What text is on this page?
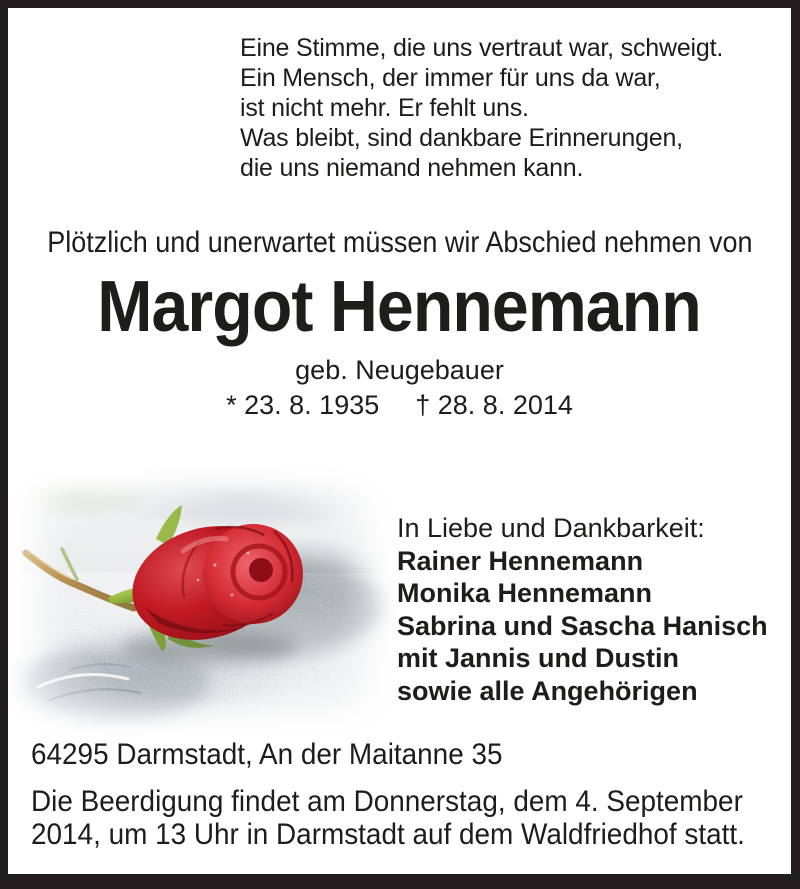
Eine Stimme, die uns vertraut war, schweigt.
Ein Mensch, der immer für uns da war,
ist nicht mehr. Er fehlt uns.
Was bleibt, sind dankbare Erinnerungen,
die uns niemand nehmen kann.
Plötzlich und unerwartet müssen wir Abschied nehmen von
Margot Hennemann
geb. Neugebauer
* 23. 8. 1935 † 28. 8. 2014
In Liebe und Dankbarkeit:
Rainer Hennemann
Monika Hennemann
Sabrina und Sascha Hanisch
mit Jannis und Dustin
sowie alle Angehörigen
64295 Darmstadt, An der Maitanne 35
Die Beerdigung findet am Donnerstag, dem 4. September
2014, um 13 Uhr in Darmstadt auf dem Waldfriedhof statt.
